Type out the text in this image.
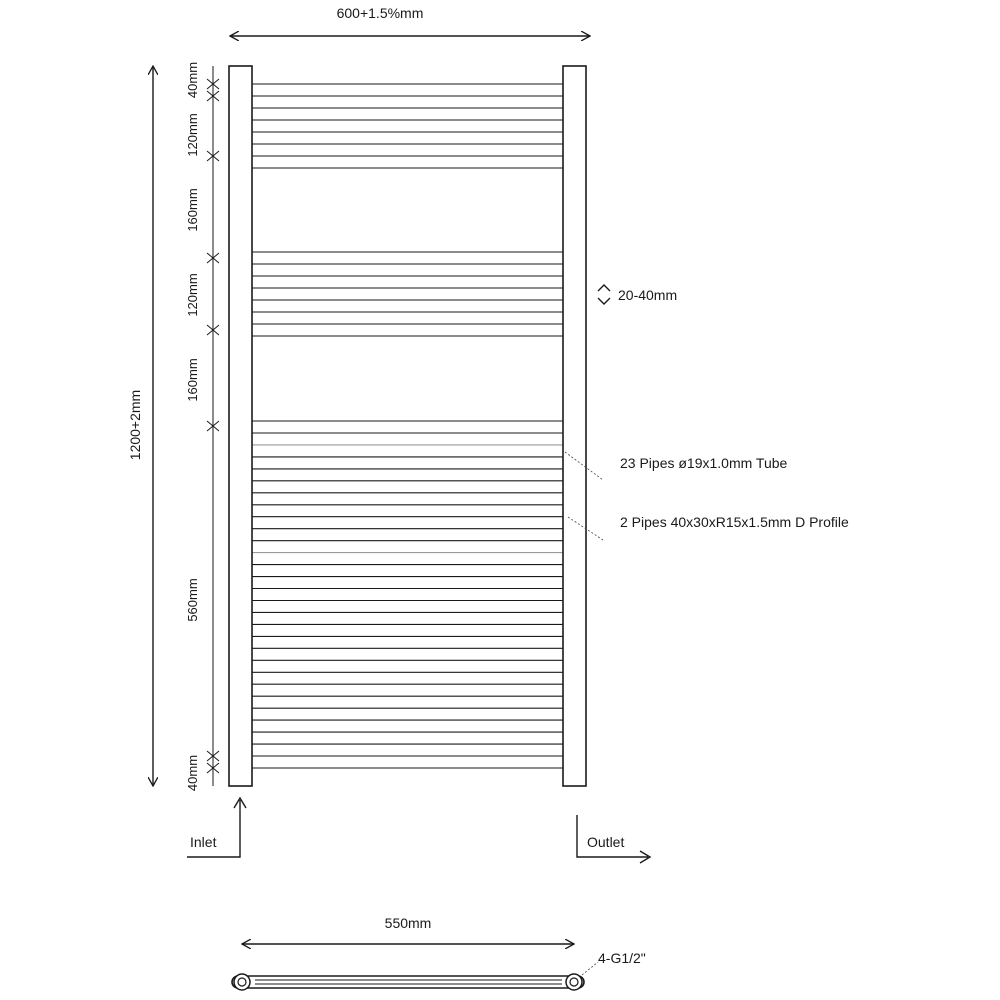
600+1.5%mm
1200+2mm
40mm
120mm
160mm
120mm
160mm
560mm
40mm
20-40mm
23 Pipes ø19x1.0mm Tube
2 Pipes 40x30xR15x1.5mm D Profile
Inlet	Outlet
550mm
4-G1/2"
